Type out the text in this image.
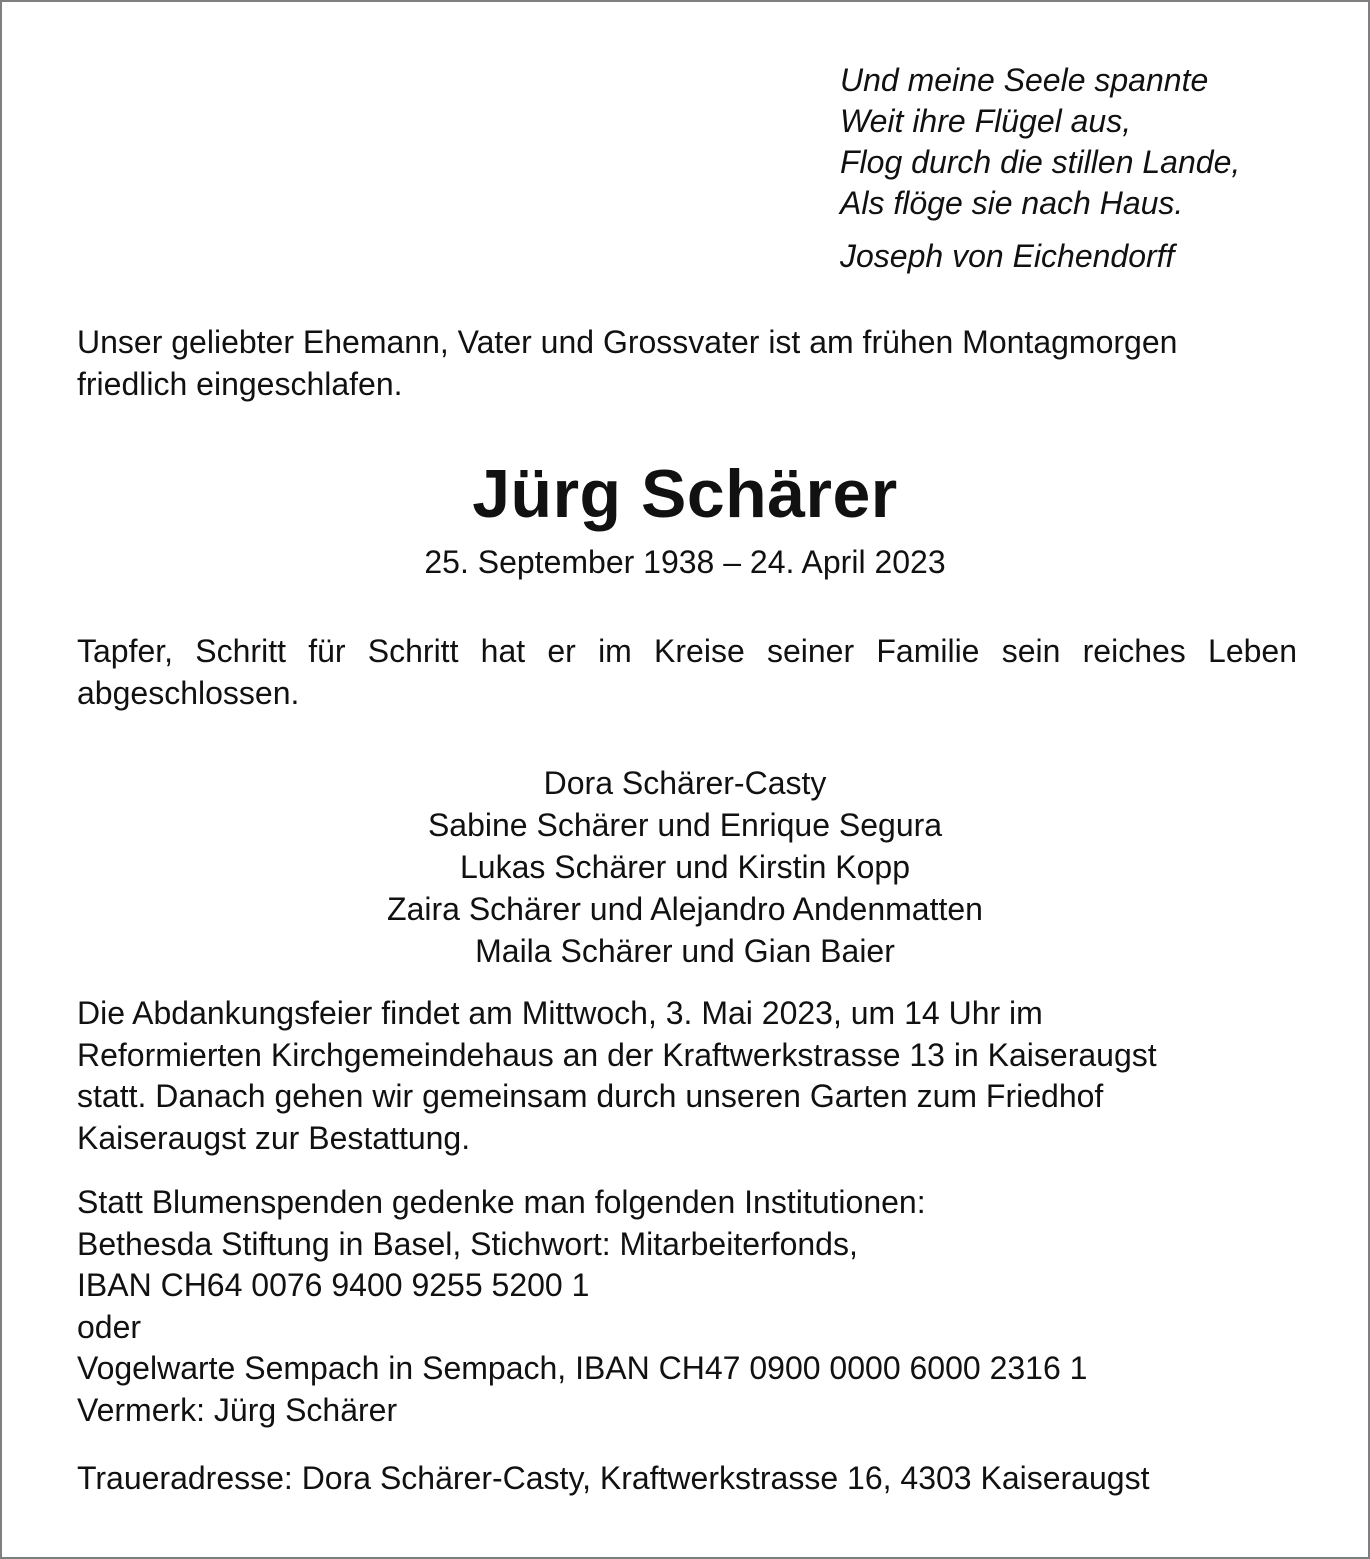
Und meine Seele spannte
Weit ihre Flügel aus,
Flog durch die stillen Lande,
Als flöge sie nach Haus.
Joseph von Eichendorff
Unser geliebter Ehemann, Vater und Grossvater ist am frühen Montagmorgen
friedlich eingeschlafen.
Jürg Schärer
25. September 1938 – 24. April 2023
Tapfer, Schritt für Schritt hat er im Kreise seiner Familie sein reiches Leben abgeschlossen.
Dora Schärer-Casty
Sabine Schärer und Enrique Segura
Lukas Schärer und Kirstin Kopp
Zaira Schärer und Alejandro Andenmatten
Maila Schärer und Gian Baier
Die Abdankungsfeier findet am Mittwoch, 3. Mai 2023, um 14 Uhr im
Reformierten Kirchgemeindehaus an der Kraftwerkstrasse 13 in Kaiseraugst
statt. Danach gehen wir gemeinsam durch unseren Garten zum Friedhof
Kaiseraugst zur Bestattung.
Statt Blumenspenden gedenke man folgenden Institutionen:
Bethesda Stiftung in Basel, Stichwort: Mitarbeiterfonds,
IBAN CH64 0076 9400 9255 5200 1
oder
Vogelwarte Sempach in Sempach, IBAN CH47 0900 0000 6000 2316 1
Vermerk: Jürg Schärer
Traueradresse: Dora Schärer-Casty, Kraftwerkstrasse 16, 4303 Kaiseraugst
